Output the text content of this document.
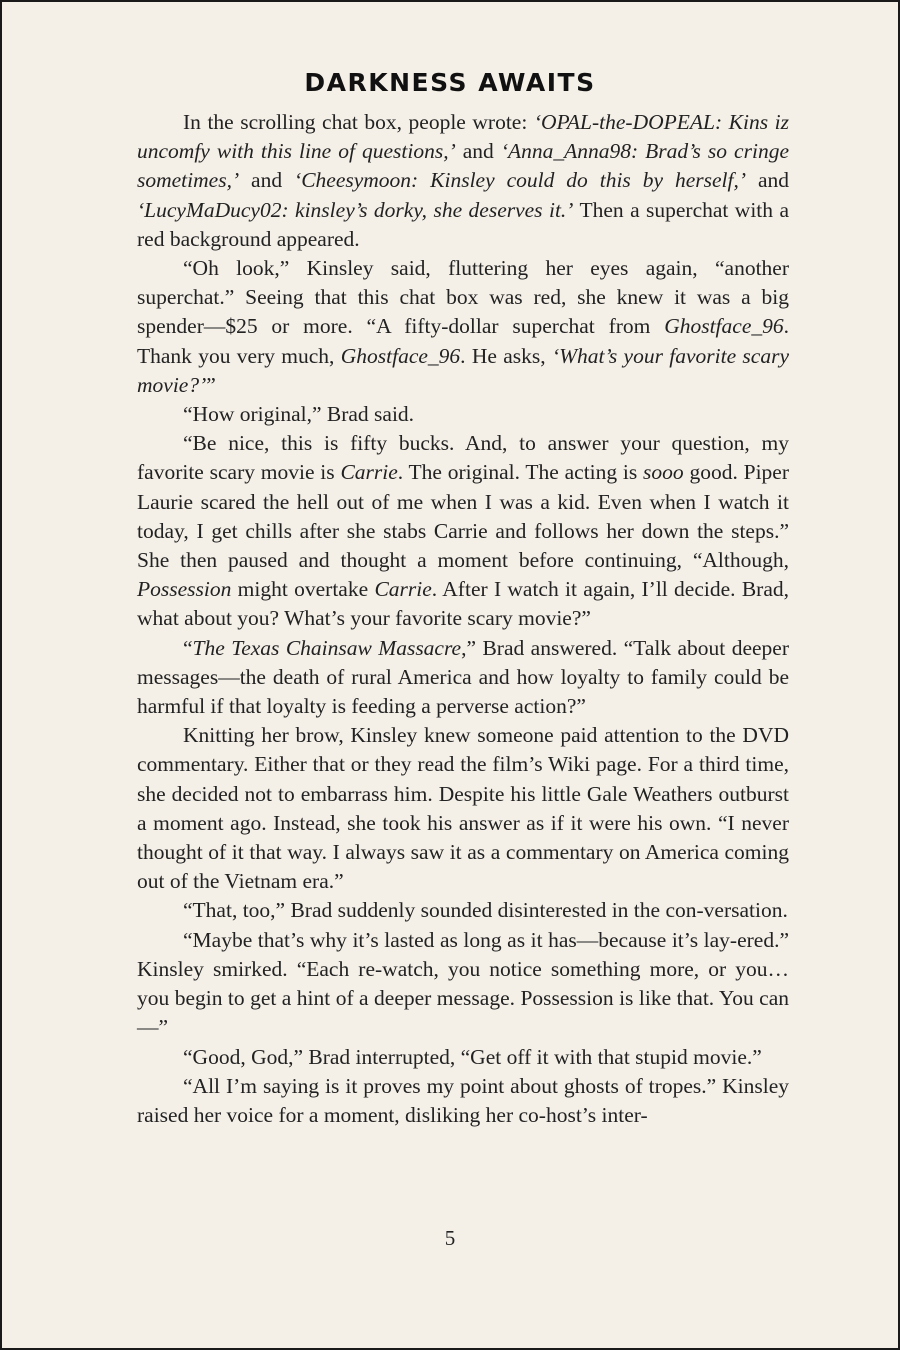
DARKNESS AWAITS

In the scrolling chat box, people wrote: ‘OPAL-the-DOPEAL: Kins iz uncomfy with this line of questions,’ and ‘Anna_Anna98: Brad’s so cringe sometimes,’ and ‘Cheesymoon: Kinsley could do this by herself,’ and ‘LucyMaDucy02: kinsley’s dorky, she deserves it.’ Then a superchat with a red background appeared.

“Oh look,” Kinsley said, fluttering her eyes again, “another superchat.” Seeing that this chat box was red, she knew it was a big spender—$25 or more. “A fifty-dollar superchat from Ghostface_96. Thank you very much, Ghostface_96. He asks, ‘What’s your favorite scary movie?’”

“How original,” Brad said.

“Be nice, this is fifty bucks. And, to answer your question, my favorite scary movie is Carrie. The original. The acting is sooo good. Piper Laurie scared the hell out of me when I was a kid. Even when I watch it today, I get chills after she stabs Carrie and follows her down the steps.” She then paused and thought a moment before continuing, “Although, Possession might overtake Carrie. After I watch it again, I’ll decide. Brad, what about you? What’s your favorite scary movie?”

“The Texas Chainsaw Massacre,” Brad answered. “Talk about deeper messages—the death of rural America and how loyalty to family could be harmful if that loyalty is feeding a perverse action?”

Knitting her brow, Kinsley knew someone paid attention to the DVD commentary. Either that or they read the film’s Wiki page. For a third time, she decided not to embarrass him. Despite his little Gale Weathers outburst a moment ago. Instead, she took his answer as if it were his own. “I never thought of it that way. I always saw it as a commentary on America coming out of the Vietnam era.”

“That, too,” Brad suddenly sounded disinterested in the con-versation.

“Maybe that’s why it’s lasted as long as it has—because it’s lay-ered.” Kinsley smirked. “Each re-watch, you notice something more, or you… you begin to get a hint of a deeper message. Possession is like that. You can—”

“Good, God,” Brad interrupted, “Get off it with that stupid movie.”

“All I’m saying is it proves my point about ghosts of tropes.” Kinsley raised her voice for a moment, disliking her co-host’s inter-

5
